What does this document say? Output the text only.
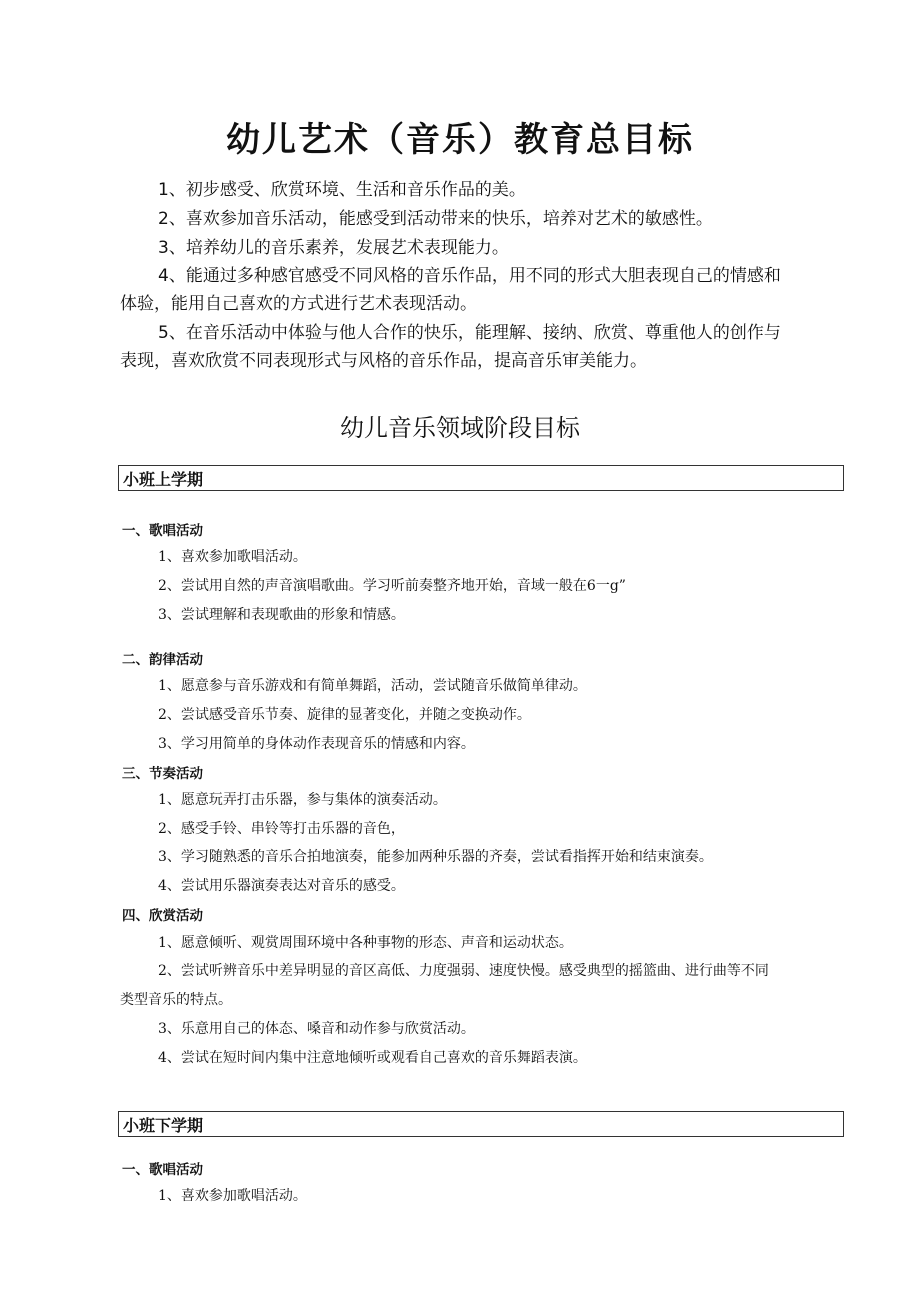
幼儿艺术（音乐）教育总目标
1、初步感受、欣赏环境、生活和音乐作品的美。
2、喜欢参加音乐活动，能感受到活动带来的快乐，培养对艺术的敏感性。
3、培养幼儿的音乐素养，发展艺术表现能力。
4、能通过多种感官感受不同风格的音乐作品，用不同的形式大胆表现自己的情感和
体验，能用自己喜欢的方式进行艺术表现活动。
5、在音乐活动中体验与他人合作的快乐，能理解、接纳、欣赏、尊重他人的创作与
表现，喜欢欣赏不同表现形式与风格的音乐作品，提高音乐审美能力。
幼儿音乐领域阶段目标
小班上学期
一、歌唱活动
1、喜欢参加歌唱活动。
2、尝试用自然的声音演唱歌曲。学习听前奏整齐地开始，音域一般在6一g”
3、尝试理解和表现歌曲的形象和情感。
二、韵律活动
1、愿意参与音乐游戏和有简单舞蹈，活动，尝试随音乐做简单律动。
2、尝试感受音乐节奏、旋律的显著变化，并随之变换动作。
3、学习用简单的身体动作表现音乐的情感和内容。
三、节奏活动
1、愿意玩弄打击乐器，参与集体的演奏活动。
2、感受手铃、串铃等打击乐器的音色，
3、学习随熟悉的音乐合拍地演奏，能参加两种乐器的齐奏，尝试看指挥开始和结束演奏。
4、尝试用乐器演奏表达对音乐的感受。
四、欣赏活动
1、愿意倾听、观赏周围环境中各种事物的形态、声音和运动状态。
2、尝试听辨音乐中差异明显的音区高低、力度强弱、速度快慢。感受典型的摇篮曲、进行曲等不同
类型音乐的特点。
3、乐意用自己的体态、嗓音和动作参与欣赏活动。
4、尝试在短时间内集中注意地倾听或观看自己喜欢的音乐舞蹈表演。
小班下学期
一、歌唱活动
1、喜欢参加歌唱活动。
